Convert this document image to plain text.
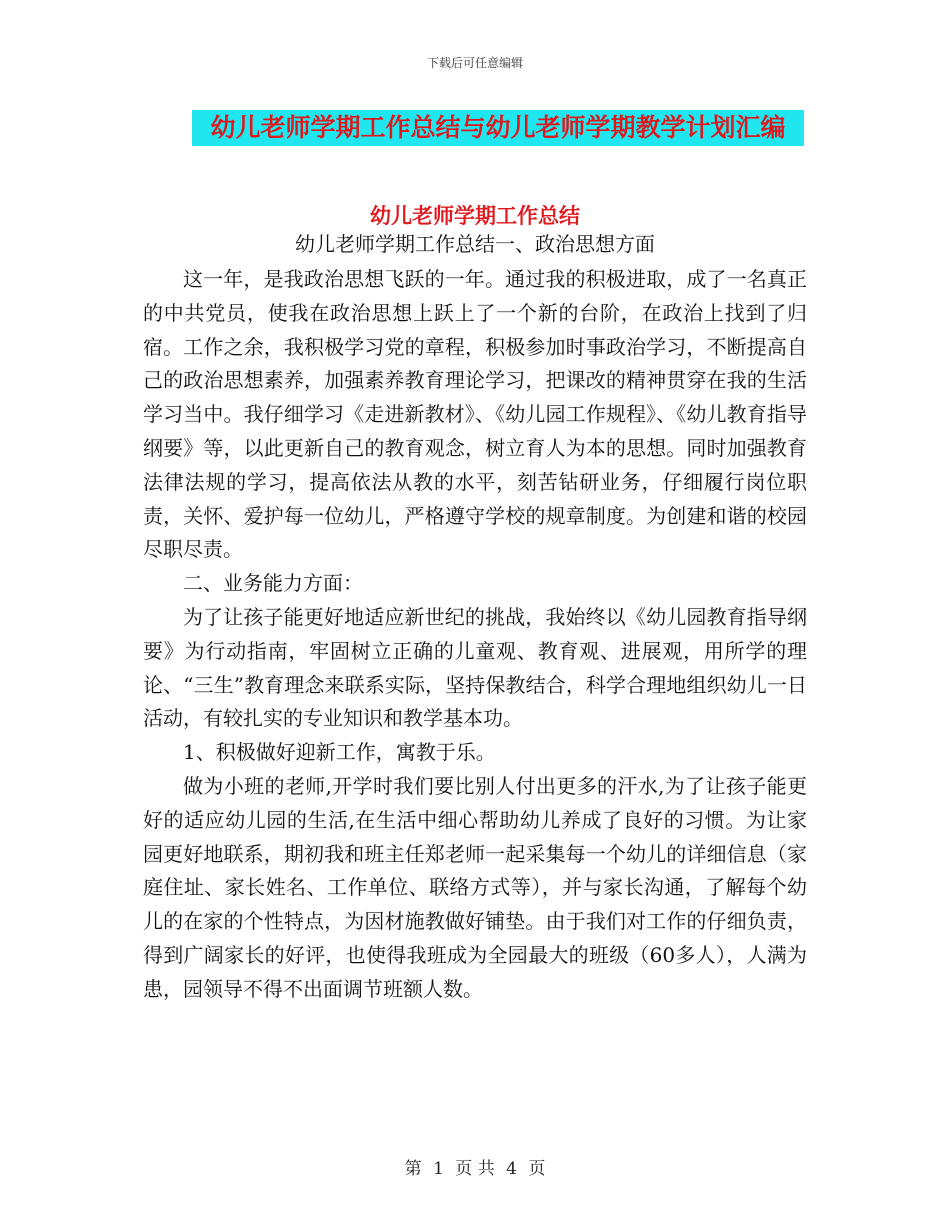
下载后可任意编辑
幼儿老师学期工作总结与幼儿老师学期教学计划汇编
幼儿老师学期工作总结
幼儿老师学期工作总结一、政治思想方面

这一年，是我政治思想飞跃的一年。通过我的积极进取，成了一名真正的中共党员，使我在政治思想上跃上了一个新的台阶，在政治上找到了归宿。工作之余，我积极学习党的章程，积极参加时事政治学习，不断提高自己的政治思想素养，加强素养教育理论学习，把课改的精神贯穿在我的生活学习当中。我仔细学习《走进新教材》、《幼儿园工作规程》、《幼儿教育指导纲要》等，以此更新自己的教育观念，树立育人为本的思想。同时加强教育法律法规的学习，提高依法从教的水平，刻苦钻研业务，仔细履行岗位职责，关怀、爱护每一位幼儿，严格遵守学校的规章制度。为创建和谐的校园尽职尽责。

二、业务能力方面：

为了让孩子能更好地适应新世纪的挑战，我始终以《幼儿园教育指导纲要》为行动指南，牢固树立正确的儿童观、教育观、进展观，用所学的理论、“三生”教育理念来联系实际，坚持保教结合，科学合理地组织幼儿一日活动，有较扎实的专业知识和教学基本功。

1、积极做好迎新工作，寓教于乐。

做为小班的老师,开学时我们要比别人付出更多的汗水,为了让孩子能更好的适应幼儿园的生活,在生活中细心帮助幼儿养成了良好的习惯。为让家园更好地联系，期初我和班主任郑老师一起采集每一个幼儿的详细信息（家庭住址、家长姓名、工作单位、联络方式等），并与家长沟通，了解每个幼儿的在家的个性特点，为因材施教做好铺垫。由于我们对工作的仔细负责，得到广阔家长的好评，也使得我班成为全园最大的班级（60多人），人满为患，园领导不得不出面调节班额人数。

第 1 页 共 4 页
